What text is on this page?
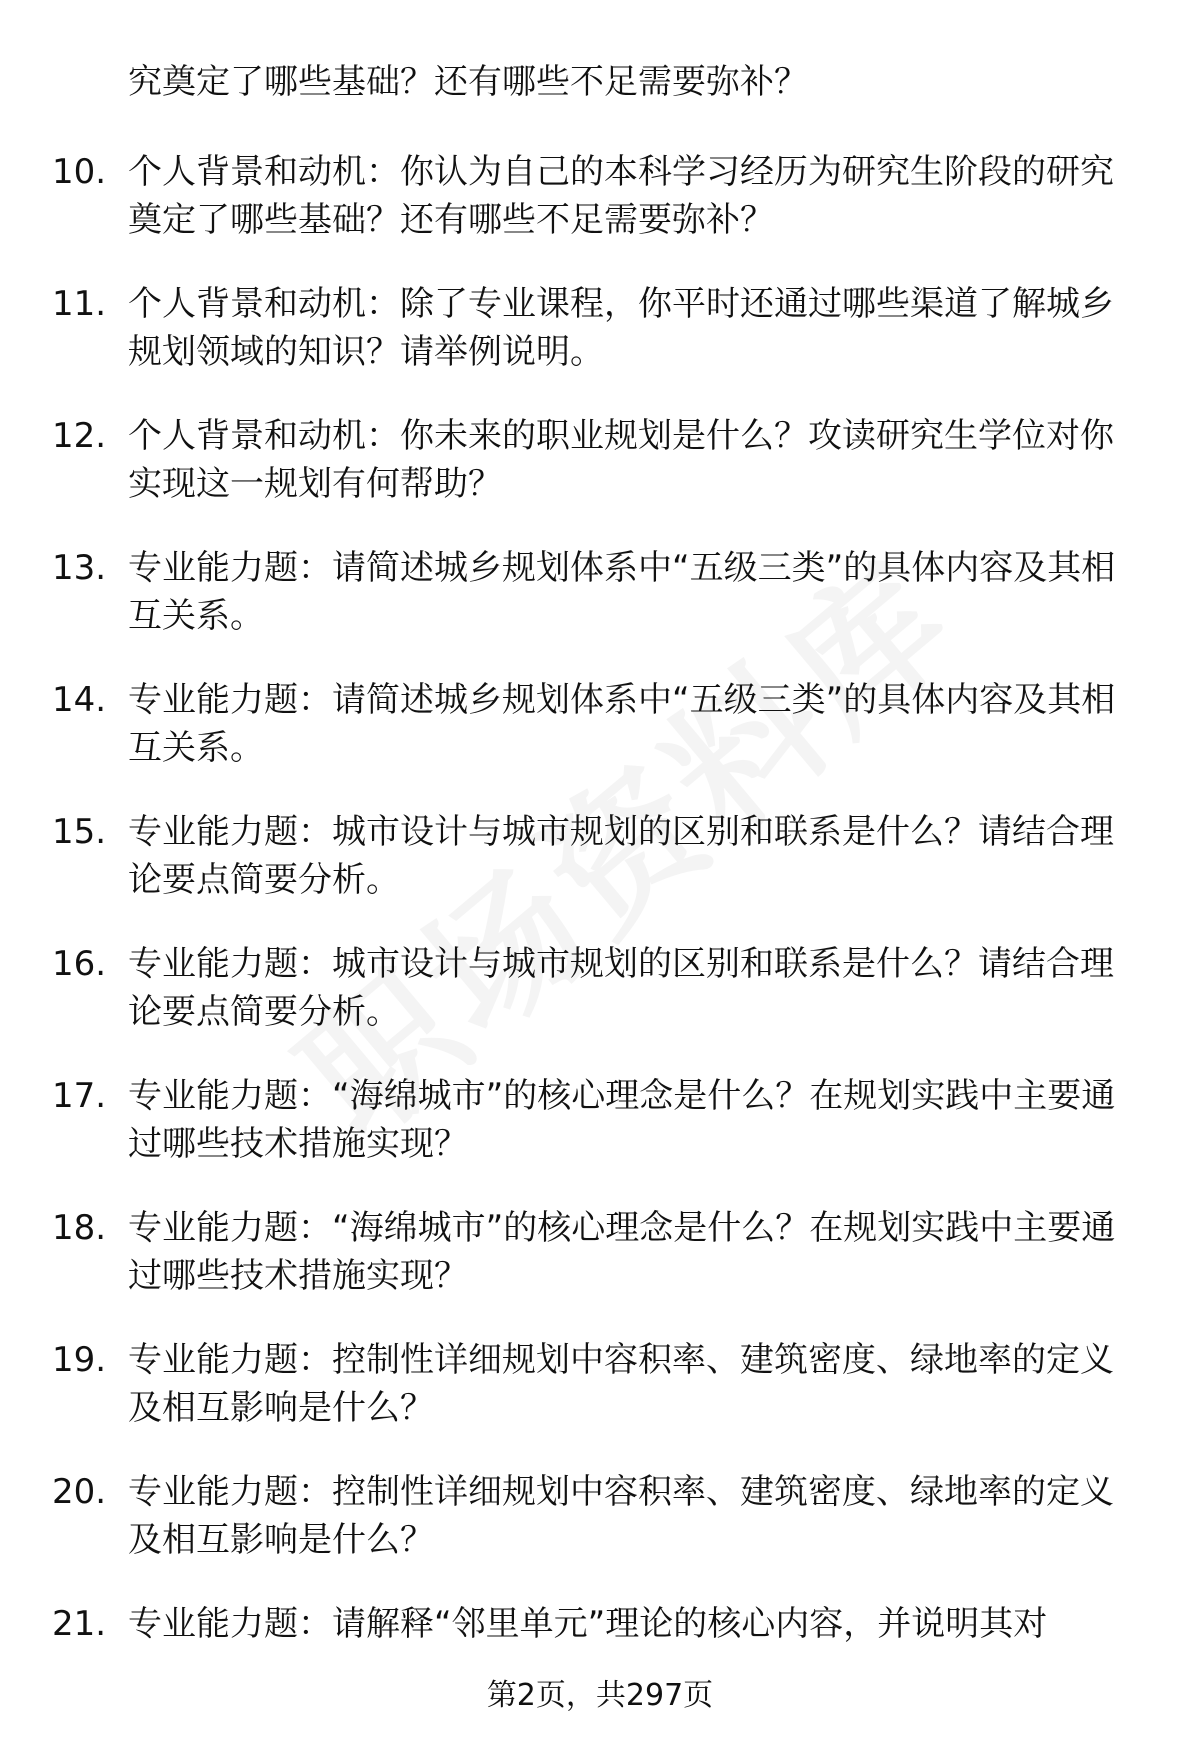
究奠定了哪些基础？还有哪些不足需要弥补？

10. 个人背景和动机：你认为自己的本科学习经历为研究生阶段的研究奠定了哪些基础？还有哪些不足需要弥补？
11. 个人背景和动机：除了专业课程，你平时还通过哪些渠道了解城乡规划领域的知识？请举例说明。
12. 个人背景和动机：你未来的职业规划是什么？攻读研究生学位对你实现这一规划有何帮助？
13. 专业能力题：请简述城乡规划体系中“五级三类”的具体内容及其相互关系。
14. 专业能力题：请简述城乡规划体系中“五级三类”的具体内容及其相互关系。
15. 专业能力题：城市设计与城市规划的区别和联系是什么？请结合理论要点简要分析。
16. 专业能力题：城市设计与城市规划的区别和联系是什么？请结合理论要点简要分析。
17. 专业能力题：“海绵城市”的核心理念是什么？在规划实践中主要通过哪些技术措施实现？
18. 专业能力题：“海绵城市”的核心理念是什么？在规划实践中主要通过哪些技术措施实现？
19. 专业能力题：控制性详细规划中容积率、建筑密度、绿地率的定义及相互影响是什么？
20. 专业能力题：控制性详细规划中容积率、建筑密度、绿地率的定义及相互影响是什么？
21. 专业能力题：请解释“邻里单元”理论的核心内容，并说明其对
第2页，共297页
